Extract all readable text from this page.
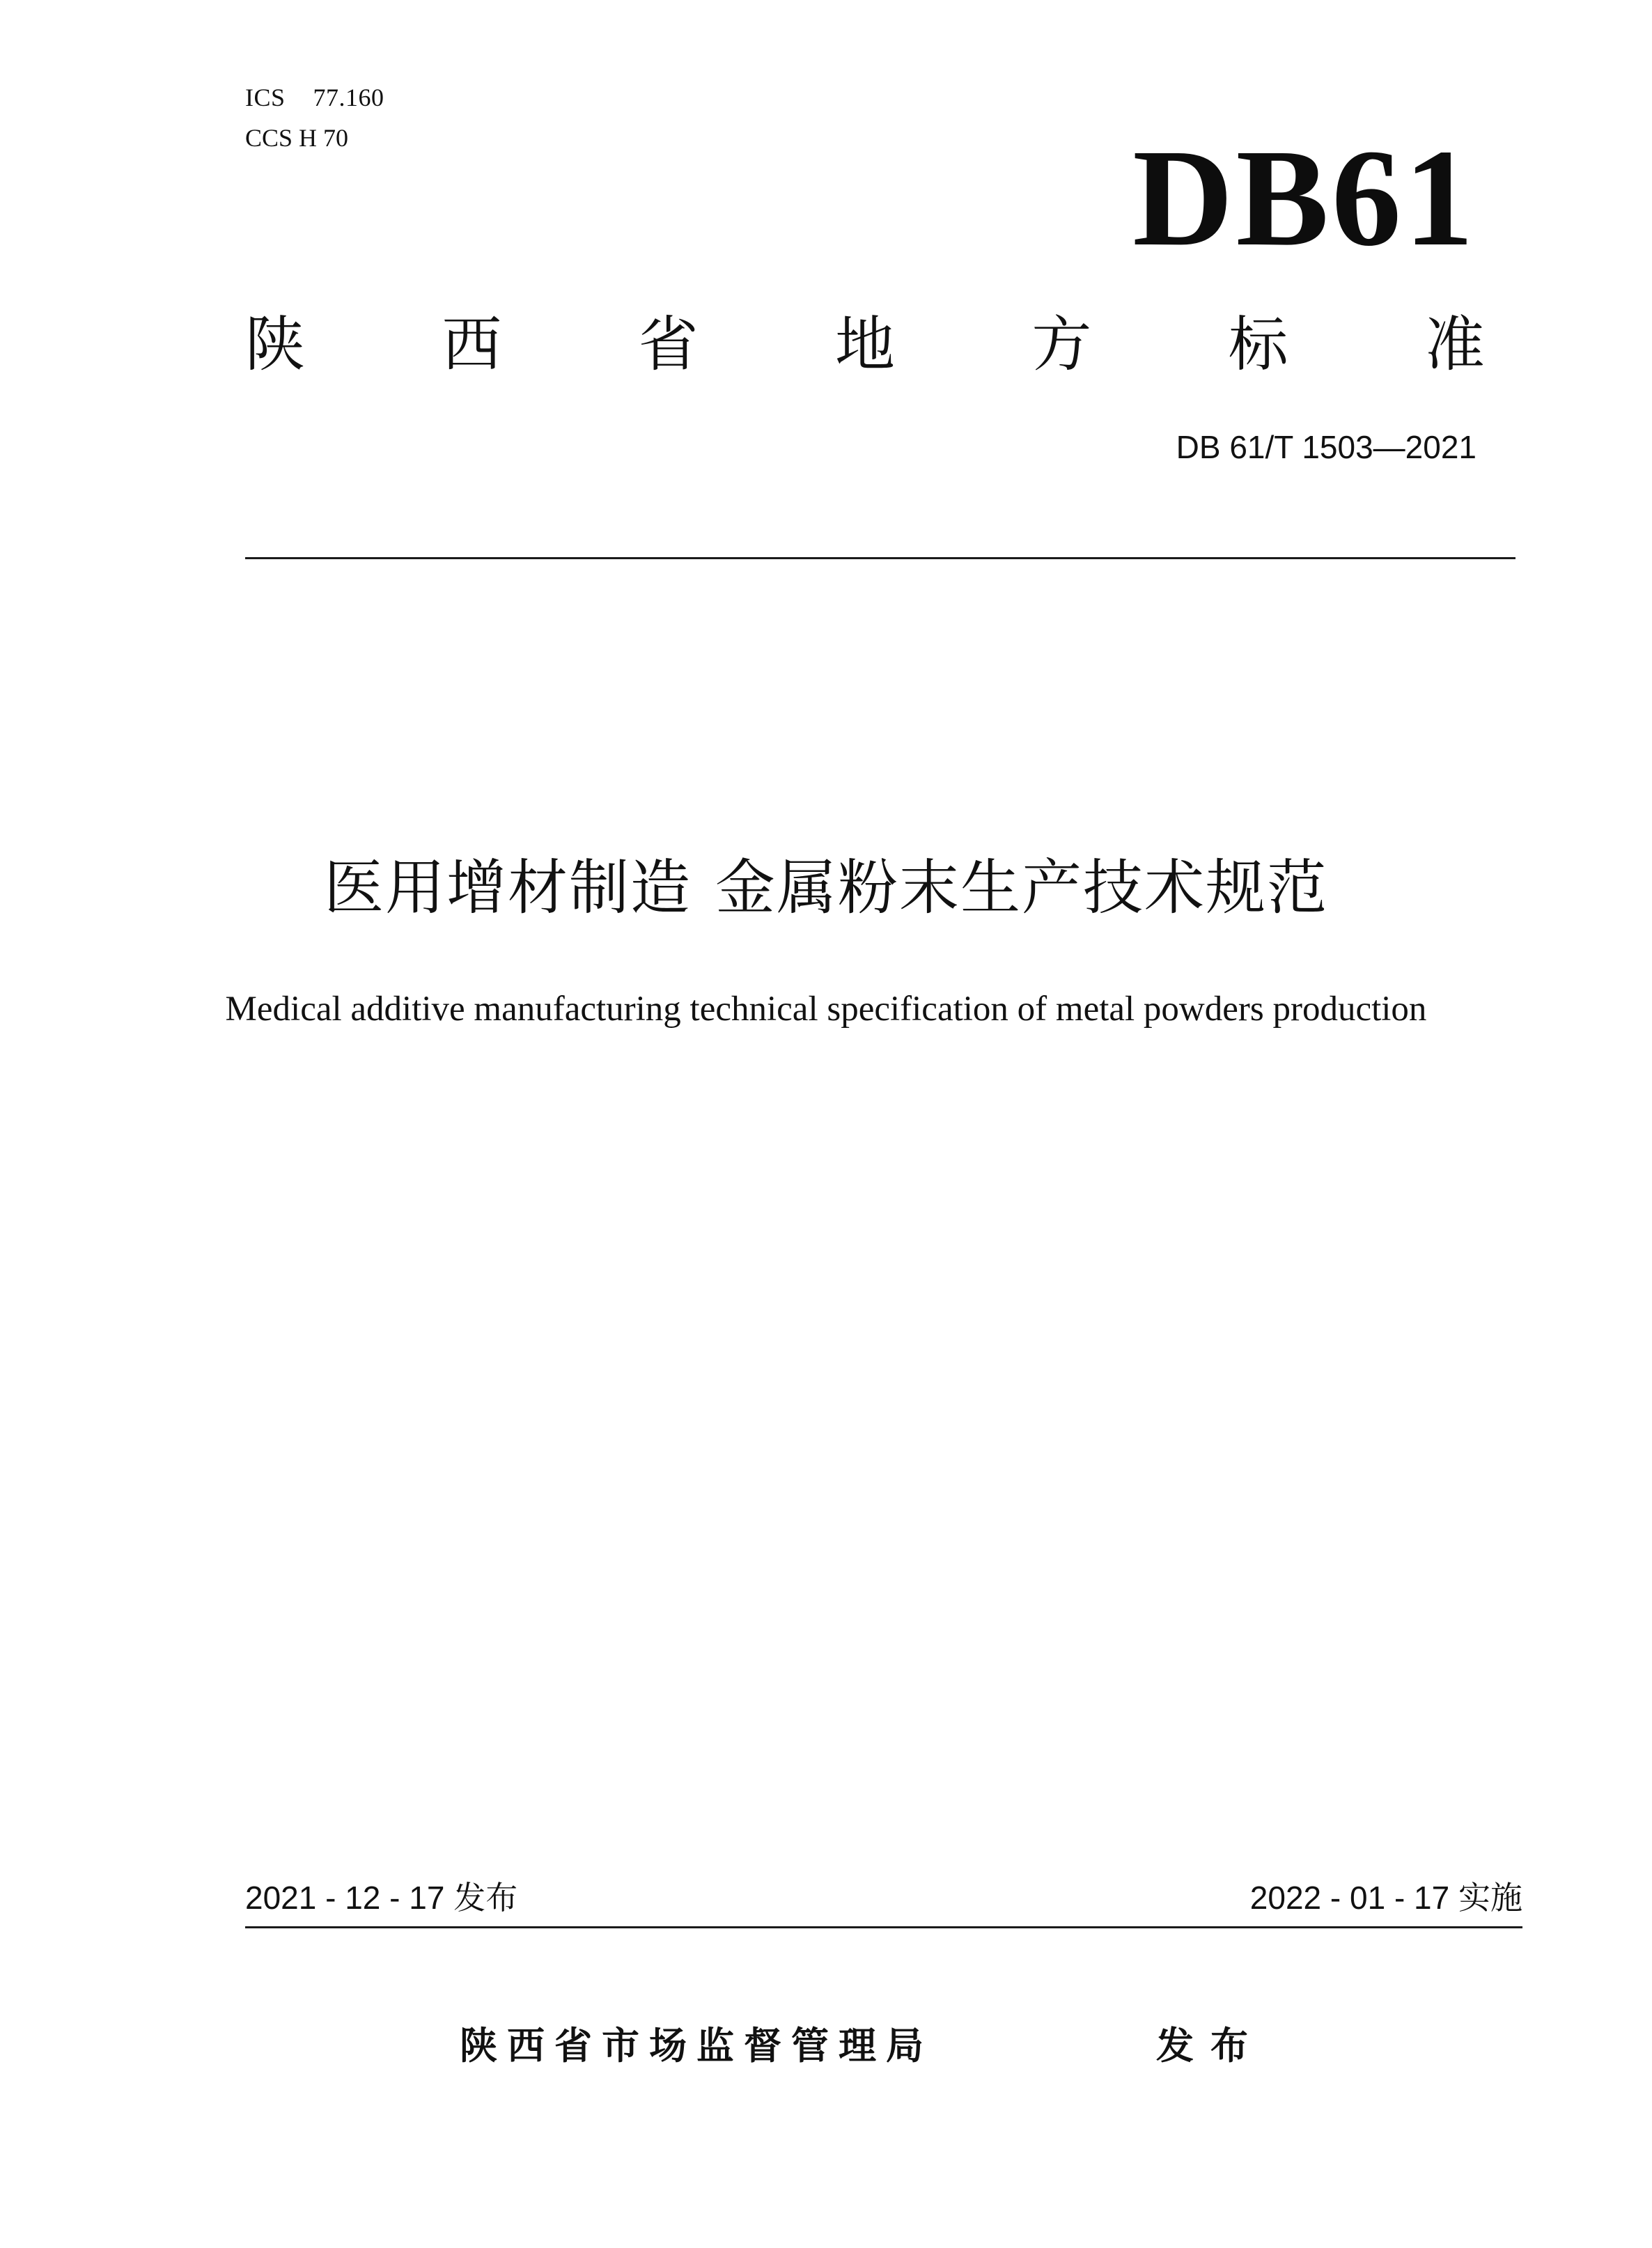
ICS 77.160
CCS H 70	DB61
陕 西 省 地 方 标 准
DB 61/T 1503—2021
医用增材制造 金属粉末生产技术规范
Medical additive manufacturing technical specification of metal powders production
2021 - 12 - 17 发布	2022 - 01 - 17 实施
陕西省市场监督管理局	发布
